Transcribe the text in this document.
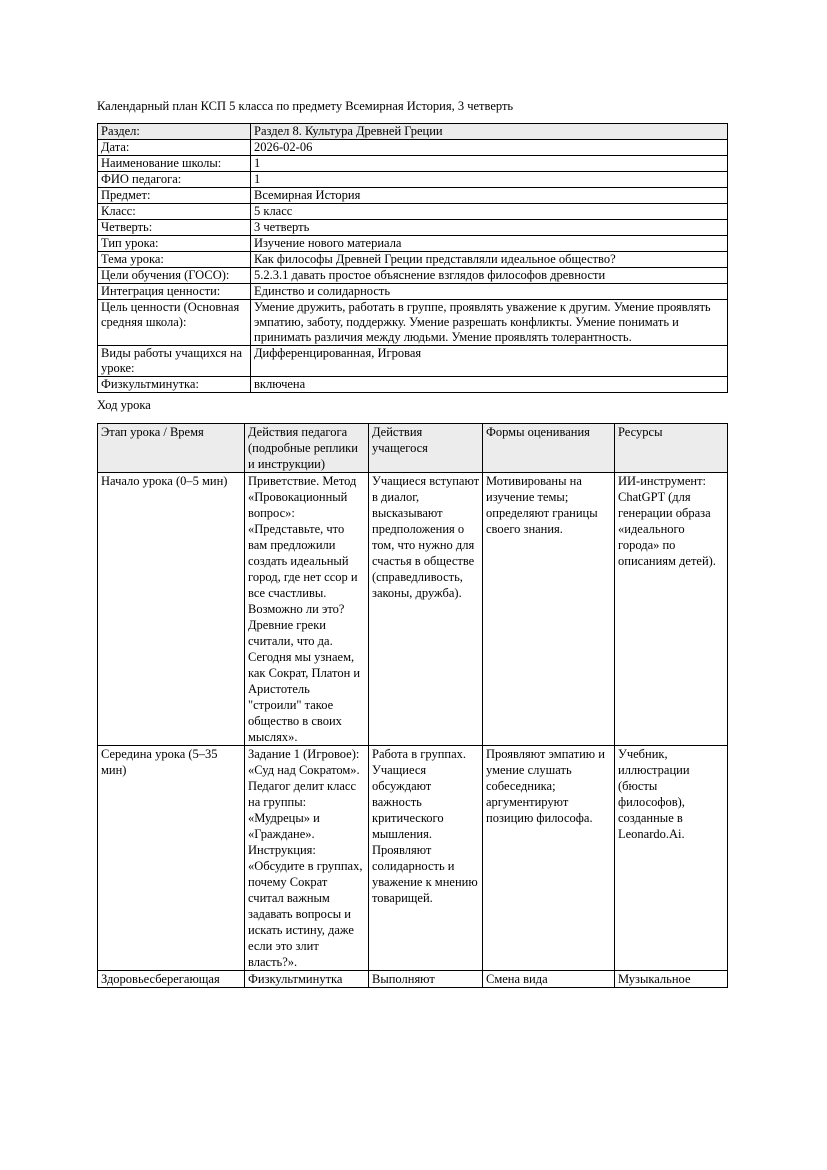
Календарный план КСП 5 класса по предмету Всемирная История, 3 четверть

Раздел:	Раздел 8. Культура Древней Греции
Дата:	2026-02-06
Наименование школы:	1
ФИО педагога:	1
Предмет:	Всемирная История
Класс:	5 класс
Четверть:	3 четверть
Тип урока:	Изучение нового материала
Тема урока:	Как философы Древней Греции представляли идеальное общество?
Цели обучения (ГОСО):	5.2.3.1 давать простое объяснение взглядов философов древности
Интеграция ценности:	Единство и солидарность
Цель ценности (Основная средняя школа):	Умение дружить, работать в группе, проявлять уважение к другим. Умение проявлять эмпатию, заботу, поддержку. Умение разрешать конфликты. Умение понимать и принимать различия между людьми. Умение проявлять толерантность.
Виды работы учащихся на уроке:	Дифференцированная, Игровая
Физкультминутка:	включена

Ход урока

Этап урока / Время	Действия педагога (подробные реплики и инструкции)	Действия учащегося	Формы оценивания	Ресурсы
Начало урока (0–5 мин)	Приветствие. Метод «Провокационный вопрос»: «Представьте, что вам предложили создать идеальный город, где нет ссор и все счастливы. Возможно ли это? Древние греки считали, что да. Сегодня мы узнаем, как Сократ, Платон и Аристотель "строили" такое общество в своих мыслях».	Учащиеся вступают в диалог, высказывают предположения о том, что нужно для счастья в обществе (справедливость, законы, дружба).	Мотивированы на изучение темы; определяют границы своего знания.	ИИ-инструмент: ChatGPT (для генерации образа «идеального города» по описаниям детей).
Середина урока (5–35 мин)	Задание 1 (Игровое): «Суд над Сократом». Педагог делит класс на группы: «Мудрецы» и «Граждане». Инструкция: «Обсудите в группах, почему Сократ считал важным задавать вопросы и искать истину, даже если это злит власть?».	Работа в группах. Учащиеся обсуждают важность критического мышления. Проявляют солидарность и уважение к мнению товарищей.	Проявляют эмпатию и умение слушать собеседника; аргументируют позицию философа.	Учебник, иллюстрации (бюсты философов), созданные в Leonardo.Ai.
Здоровьесберегающая	Физкультминутка	Выполняют	Смена вида	Музыкальное
